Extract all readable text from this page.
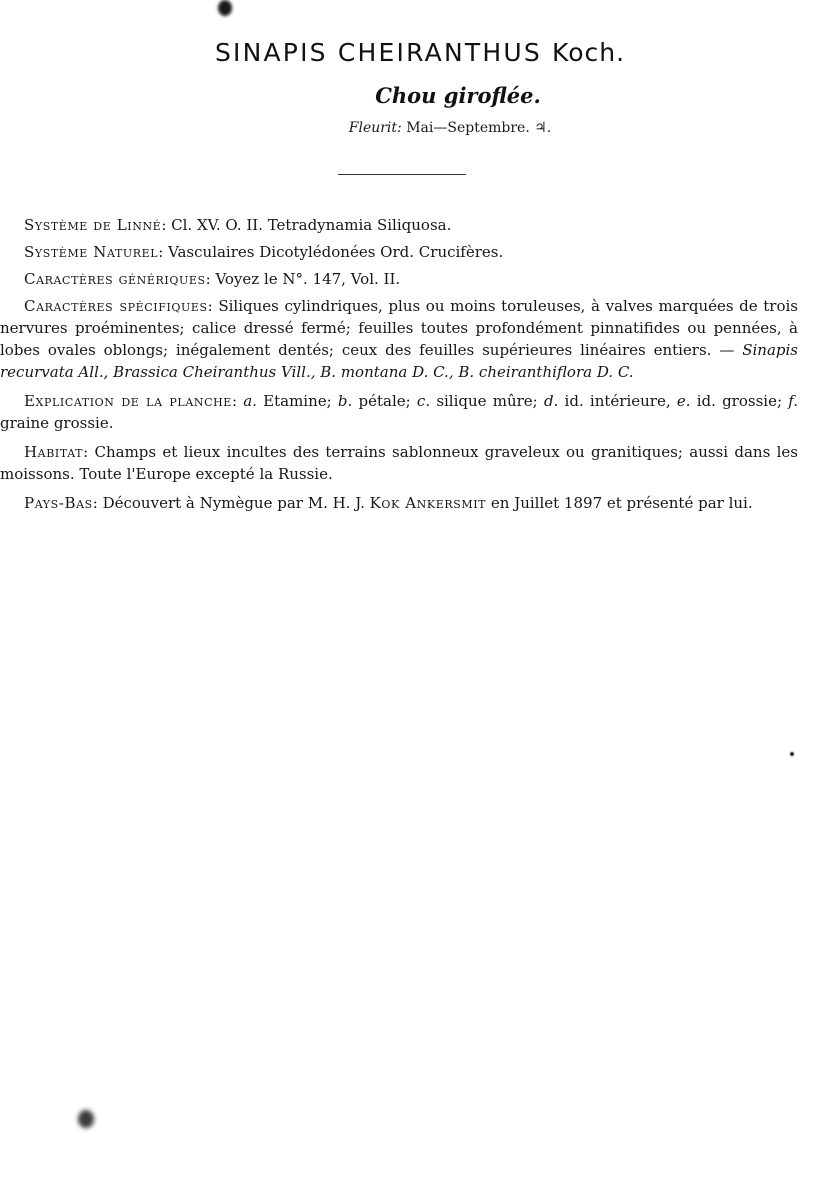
SINAPIS CHEIRANTHUS Koch.
Chou giroflée.
Fleurit: Mai—Septembre. ♃.

Système de Linné: Cl. XV. O. II. Tetradynamia Siliquosa.

Système Naturel: Vasculaires Dicotylédonées Ord. Crucifères.

Caractères génériques: Voyez le N°. 147, Vol. II.

Caractères spécifiques: Siliques cylindriques, plus ou moins toruleuses, à valves marquées de trois nervures proéminentes; calice dressé fermé; feuilles toutes profondément pinnatifides ou pennées, à lobes ovales oblongs; inégalement dentés; ceux des feuilles supérieures linéaires entiers. — Sinapis recurvata All., Brassica Cheiranthus Vill., B. montana D. C., B. cheiranthiflora D. C.

Explication de la planche: a. Etamine; b. pétale; c. silique mûre; d. id. intérieure, e. id. grossie; f. graine grossie.

Habitat: Champs et lieux incultes des terrains sablonneux graveleux ou granitiques; aussi dans les moissons. Toute l'Europe excepté la Russie.

Pays-Bas: Découvert à Nymègue par M. H. J. Kok Ankersmit en Juillet 1897 et présenté par lui.
